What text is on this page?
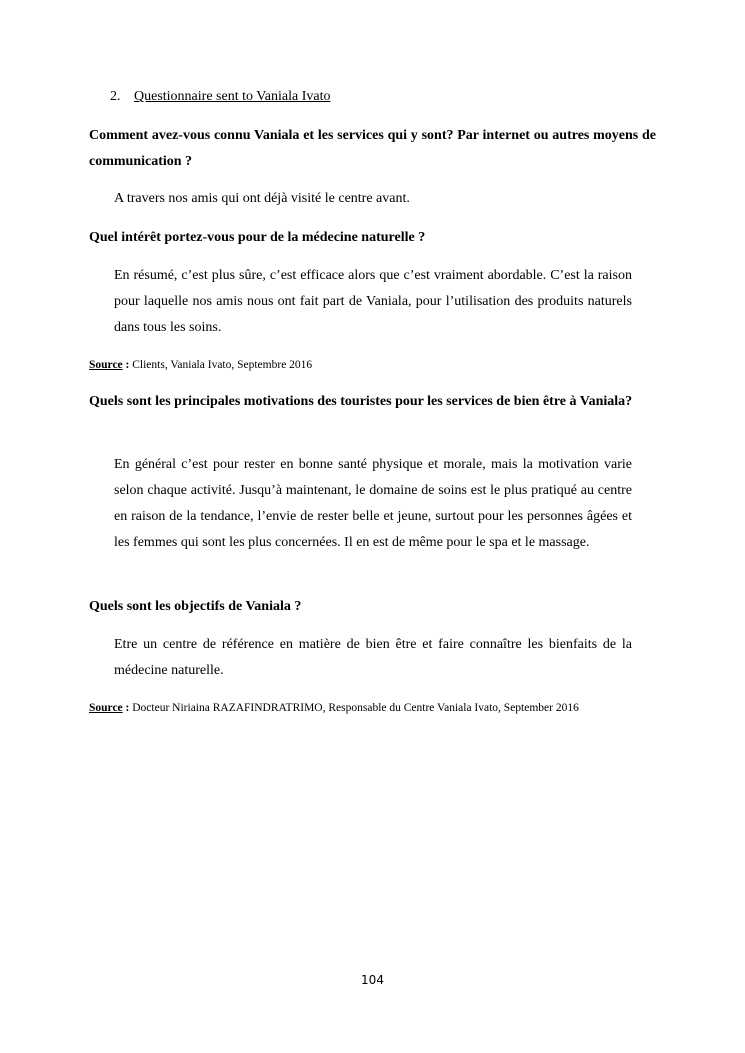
2. Questionnaire sent to Vaniala Ivato
Comment avez-vous connu Vaniala et les services qui y sont? Par internet ou autres moyens de communication ?
A travers nos amis qui ont déjà visité le centre avant.
Quel intérêt portez-vous pour de la médecine naturelle ?
En résumé, c’est plus sûre, c’est efficace alors que c’est vraiment abordable. C’est la raison pour laquelle nos amis nous ont fait part de Vaniala, pour l’utilisation des produits naturels dans tous les soins.
Source : Clients, Vaniala Ivato, Septembre 2016
Quels sont les principales motivations des touristes pour les services de bien être à Vaniala?
En général c’est pour rester en bonne santé physique et morale, mais la motivation varie selon chaque activité. Jusqu’à maintenant, le domaine de soins est le plus pratiqué au centre en raison de la tendance, l’envie de rester belle et jeune, surtout pour les personnes âgées et les femmes qui sont les plus concernées. Il en est de même pour le spa et le massage.
Quels sont les objectifs de Vaniala ?
Etre un centre de référence en matière de bien être et faire connaître les bienfaits de la médecine naturelle.
Source : Docteur Niriaina RAZAFINDRATRIMO, Responsable du Centre Vaniala Ivato, September 2016
104
